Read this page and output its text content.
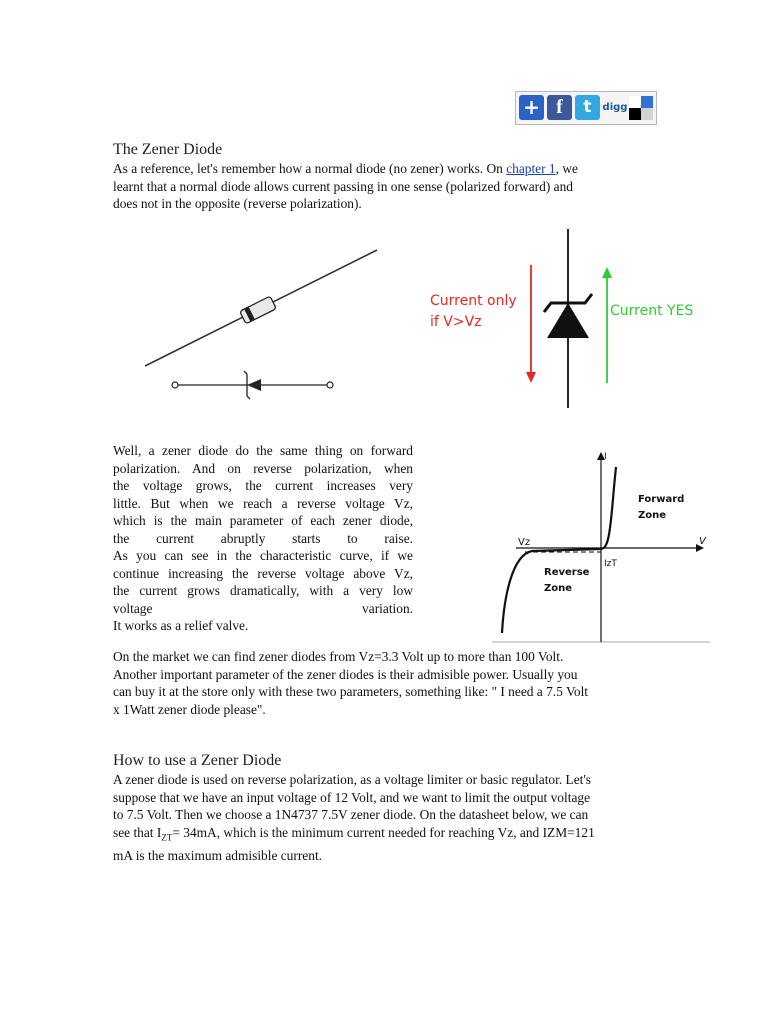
+ f	t	digg
The Zener Diode
As a reference, let's remember how a normal diode (no zener) works. On chapter 1, we
learnt that a normal diode allows current passing in one sense (polarized forward) and
does not in the opposite (reverse polarization).
Current only
if V>Vz
Current YES
Well, a zener diode do the same thing on forward
polarization. And on reverse polarization, when
the voltage grows, the current increases very
little. But when we reach a reverse voltage Vz,
which is the main parameter of each zener diode,
the current abruptly starts to raise.
As you can see in the characteristic curve, if we
continue increasing the reverse voltage above Vz,
the current grows dramatically, with a very low
voltage variation.
It works as a relief valve.
I
V
Vz
IzT
Forward
Zone
Reverse
Zone
On the market we can find zener diodes from Vz=3.3 Volt up to more than 100 Volt.
Another important parameter of the zener diodes is their admisible power. Usually you
can buy it at the store only with these two parameters, something like: " I need a 7.5 Volt
x 1Watt zener diode please".
How to use a Zener Diode
A zener diode is used on reverse polarization, as a voltage limiter or basic regulator. Let's
suppose that we have an input voltage of 12 Volt, and we want to limit the output voltage
to 7.5 Volt. Then we choose a 1N4737 7.5V zener diode. On the datasheet below, we can
see that $I_{ZT}= 34mA$, which is the minimum current needed for reaching Vz, and IZM=121
mA is the maximum admisible current.
